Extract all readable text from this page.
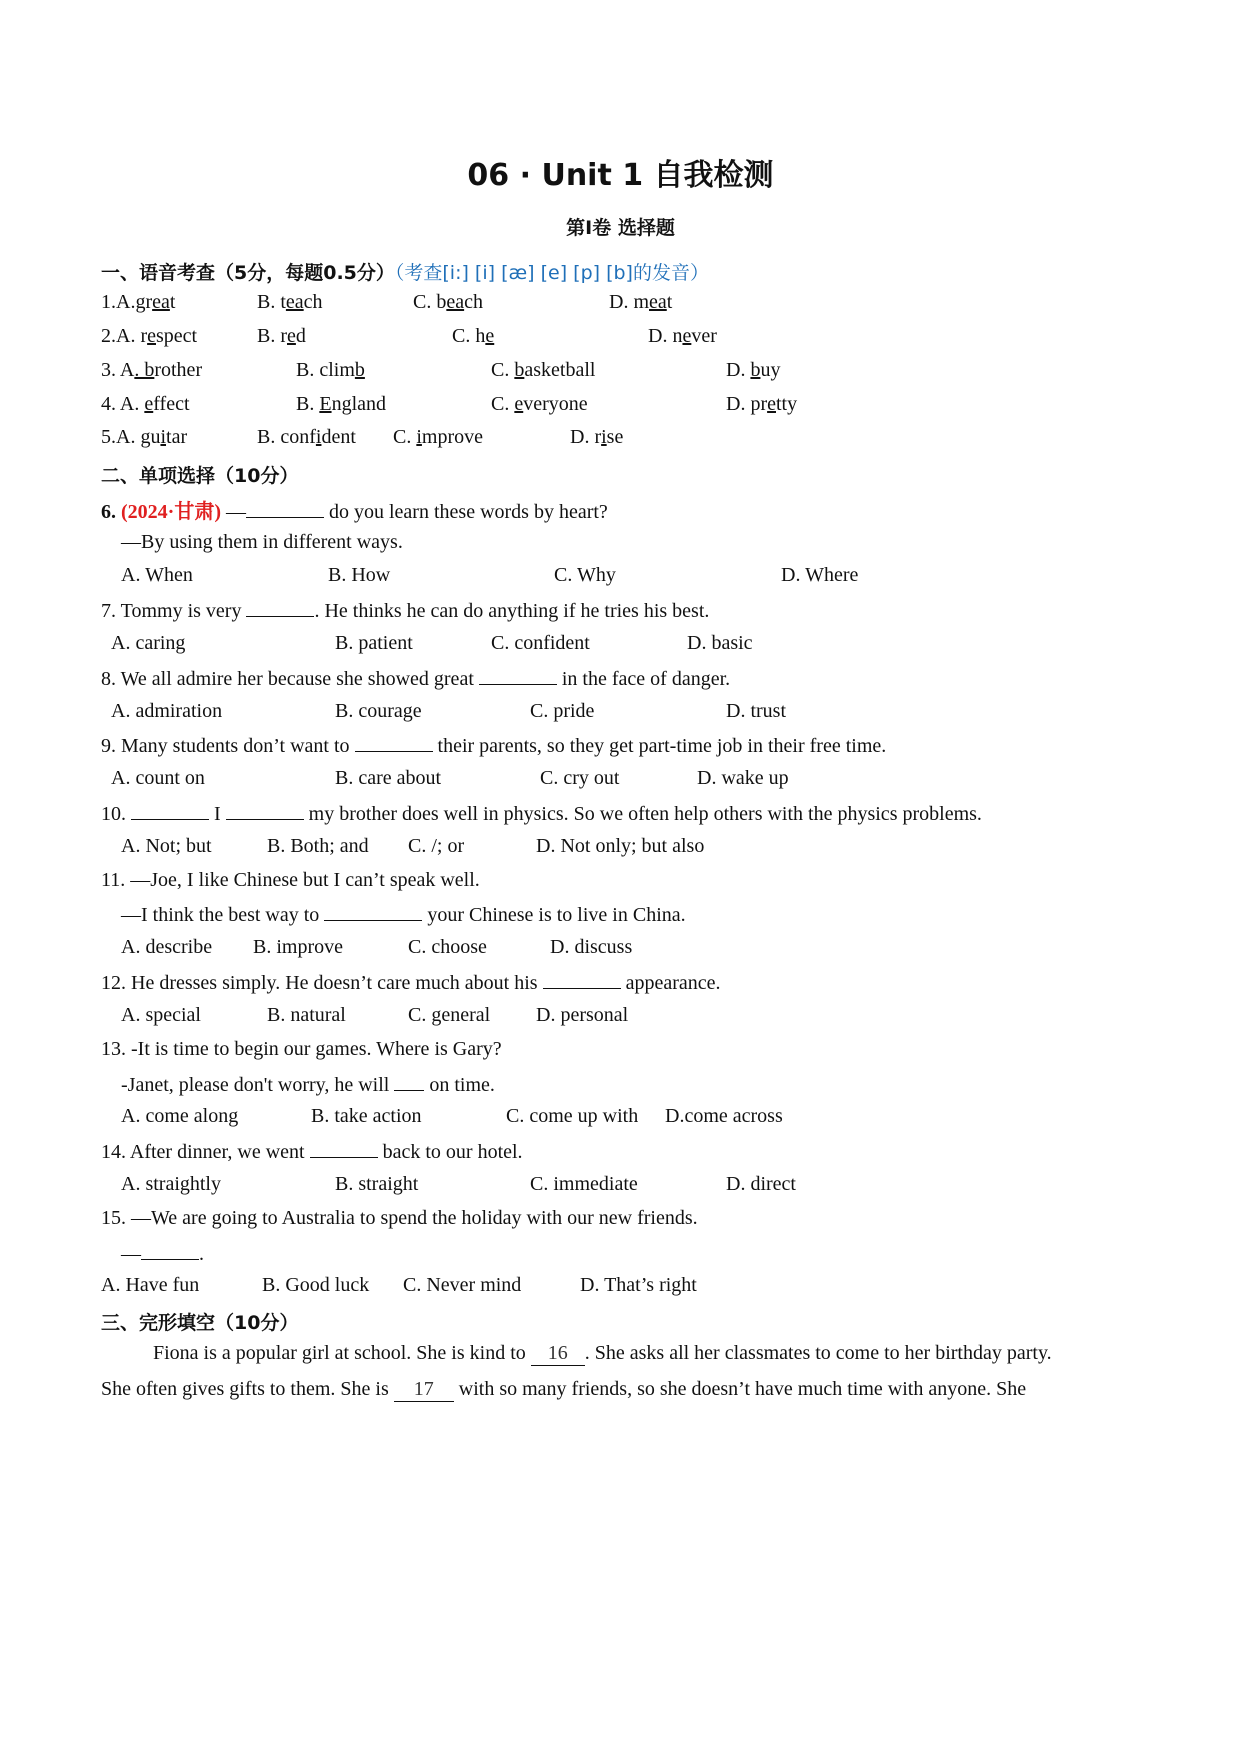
06 · Unit 1 自我检测
第Ⅰ卷 选择题
一、语音考查（5分，每题0.5分）（考查[i:] [i] [æ] [e] [p] [b]的发音）
1.A.great	B. teach	C. beach	D. meat
2.A. respect	B. red	C. he	D. never
3. A. brother	B. climb	C. basketball	D. buy
4. A. effect	B. England	C. everyone	D. pretty
5.A. guitar	B. confident C. improve	D. rise
二、单项选择（10分）
6. (2024·甘肃) —	do you learn these words by heart?
—By using them in different ways.
A. When	B. How	C. Why	D. Where
7. Tommy is very	. He thinks he can do anything if he tries his best.
A. caring	B. patient	C. confident	D. basic
8. We all admire her because she showed great	in the face of danger.
A. admiration	B. courage	C. pride	D. trust
9. Many students don’t want to	their parents, so they get part-time job in their free time.
A. count on	B. care about	C. cry out	D. wake up
10.	I	my brother does well in physics. So we often help others with the physics problems.
A. Not; but	B. Both; and C. /; or	D. Not only; but also
11. —Joe, I like Chinese but I can’t speak well.
—I think the best way to	your Chinese is to live in China.
A. describe B. improve	C. choose	D. discuss
12. He dresses simply. He doesn’t care much about his	appearance.
A. special	B. natural	C. general D. personal
13. -It is time to begin our games. Where is Gary?
-Janet, please don't worry, he will  on time.
A. come along	B. take action	C. come up with D.come across
14. After dinner, we went	back to our hotel.
A. straightly	B. straight	C. immediate	D. direct
15. —We are going to Australia to spend the holiday with our new friends.
—	.
A. Have fun	B. Good luck C. Never mind	D. That’s right
三、完形填空（10分）
Fiona is a popular girl at school. She is kind to 16 . She asks all her classmates to come to her birthday party.
She often gives gifts to them. She is 17 with so many friends, so she doesn’t have much time with anyone. She
